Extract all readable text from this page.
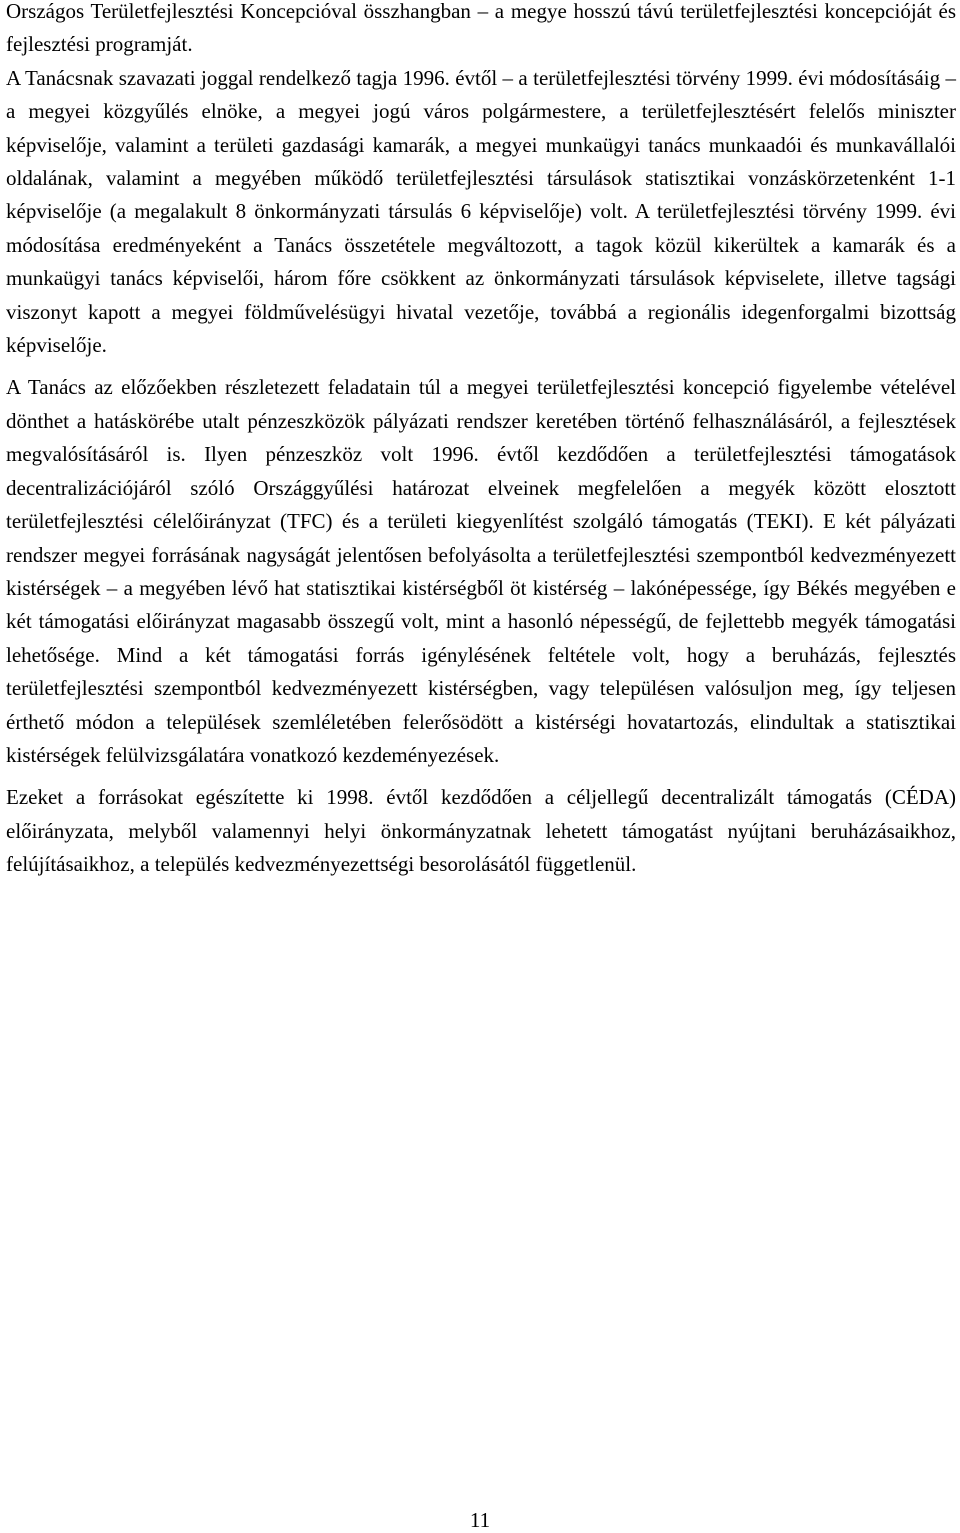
Országos Területfejlesztési Koncepcióval összhangban – a megye hosszú távú területfejlesztési koncepcióját és fejlesztési programját.

A Tanácsnak szavazati joggal rendelkező tagja 1996. évtől – a területfejlesztési törvény 1999. évi módosításáig – a megyei közgyűlés elnöke, a megyei jogú város polgármestere, a területfejlesztésért felelős miniszter képviselője, valamint a területi gazdasági kamarák, a megyei munkaügyi tanács munkaadói és munkavállalói oldalának, valamint a megyében működő területfejlesztési társulások statisztikai vonzáskörzetenként 1-1 képviselője (a megalakult 8 önkormányzati társulás 6 képviselője) volt. A területfejlesztési törvény 1999. évi módosítása eredményeként a Tanács összetétele megváltozott, a tagok közül kikerültek a kamarák és a munkaügyi tanács képviselői, három főre csökkent az önkormányzati társulások képviselete, illetve tagsági viszonyt kapott a megyei földművelésügyi hivatal vezetője, továbbá a regionális idegenforgalmi bizottság képviselője.

A Tanács az előzőekben részletezett feladatain túl a megyei területfejlesztési koncepció figyelembe vételével dönthet a hatáskörébe utalt pénzeszközök pályázati rendszer keretében történő felhasználásáról, a fejlesztések megvalósításáról is. Ilyen pénzeszköz volt 1996. évtől kezdődően a területfejlesztési támogatások decentralizációjáról szóló Országgyűlési határozat elveinek megfelelően a megyék között elosztott területfejlesztési célelőirányzat (TFC) és a területi kiegyenlítést szolgáló támogatás (TEKI). E két pályázati rendszer megyei forrásának nagyságát jelentősen befolyásolta a területfejlesztési szempontból kedvezményezett kistérségek – a megyében lévő hat statisztikai kistérségből öt kistérség – lakónépessége, így Békés megyében e két támogatási előirányzat magasabb összegű volt, mint a hasonló népességű, de fejlettebb megyék támogatási lehetősége. Mind a két támogatási forrás igénylésének feltétele volt, hogy a beruházás, fejlesztés területfejlesztési szempontból kedvezményezett kistérségben, vagy településen valósuljon meg, így teljesen érthető módon a települések szemléletében felerősödött a kistérségi hovatartozás, elindultak a statisztikai kistérségek felülvizsgálatára vonatkozó kezdeményezések.

Ezeket a forrásokat egészítette ki 1998. évtől kezdődően a céljellegű decentralizált támogatás (CÉDA) előirányzata, melyből valamennyi helyi önkormányzatnak lehetett támogatást nyújtani beruházásaikhoz, felújításaikhoz, a település kedvezményezettségi besorolásától függetlenül.

11
